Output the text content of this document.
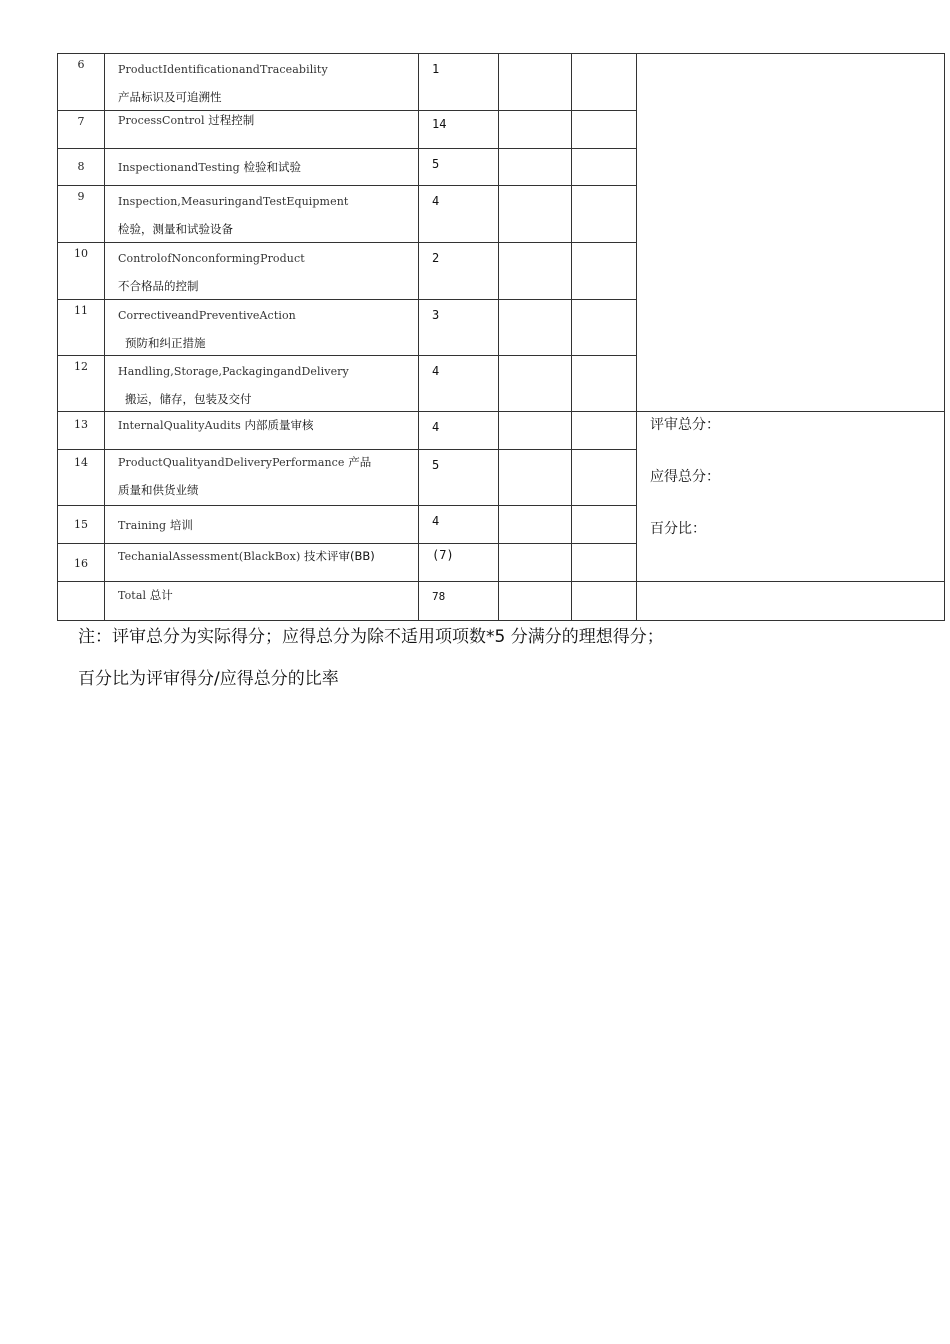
6	ProductIdentificationandTraceability
产品标识及可追溯性	1			

7	ProcessControl 过程控制	14			

8	InspectionandTesting 检验和试验	5			

9	Inspection,MeasuringandTestEquipment
检验，测量和试验设备	4			

10	ControlofNonconformingProduct
不合格品的控制	2			

11	CorrectiveandPreventiveAction
预防和纠正措施	3			

12	Handling,Storage,PackagingandDelivery
搬运，储存，包装及交付	4			

13	InternalQualityAudits 内部质量审核	4			评审总分：
应得总分：
百分比：

14	ProductQualityandDeliveryPerformance 产品
质量和供货业绩	5			

15	Training 培训	4			

16	TechanialAssessment(BlackBox) 技术评审(BB)	(7)			

	Total 总计	78			

注：评审总分为实际得分；应得总分为除不适用项项数*5 分满分的理想得分；
百分比为评审得分/应得总分的比率
